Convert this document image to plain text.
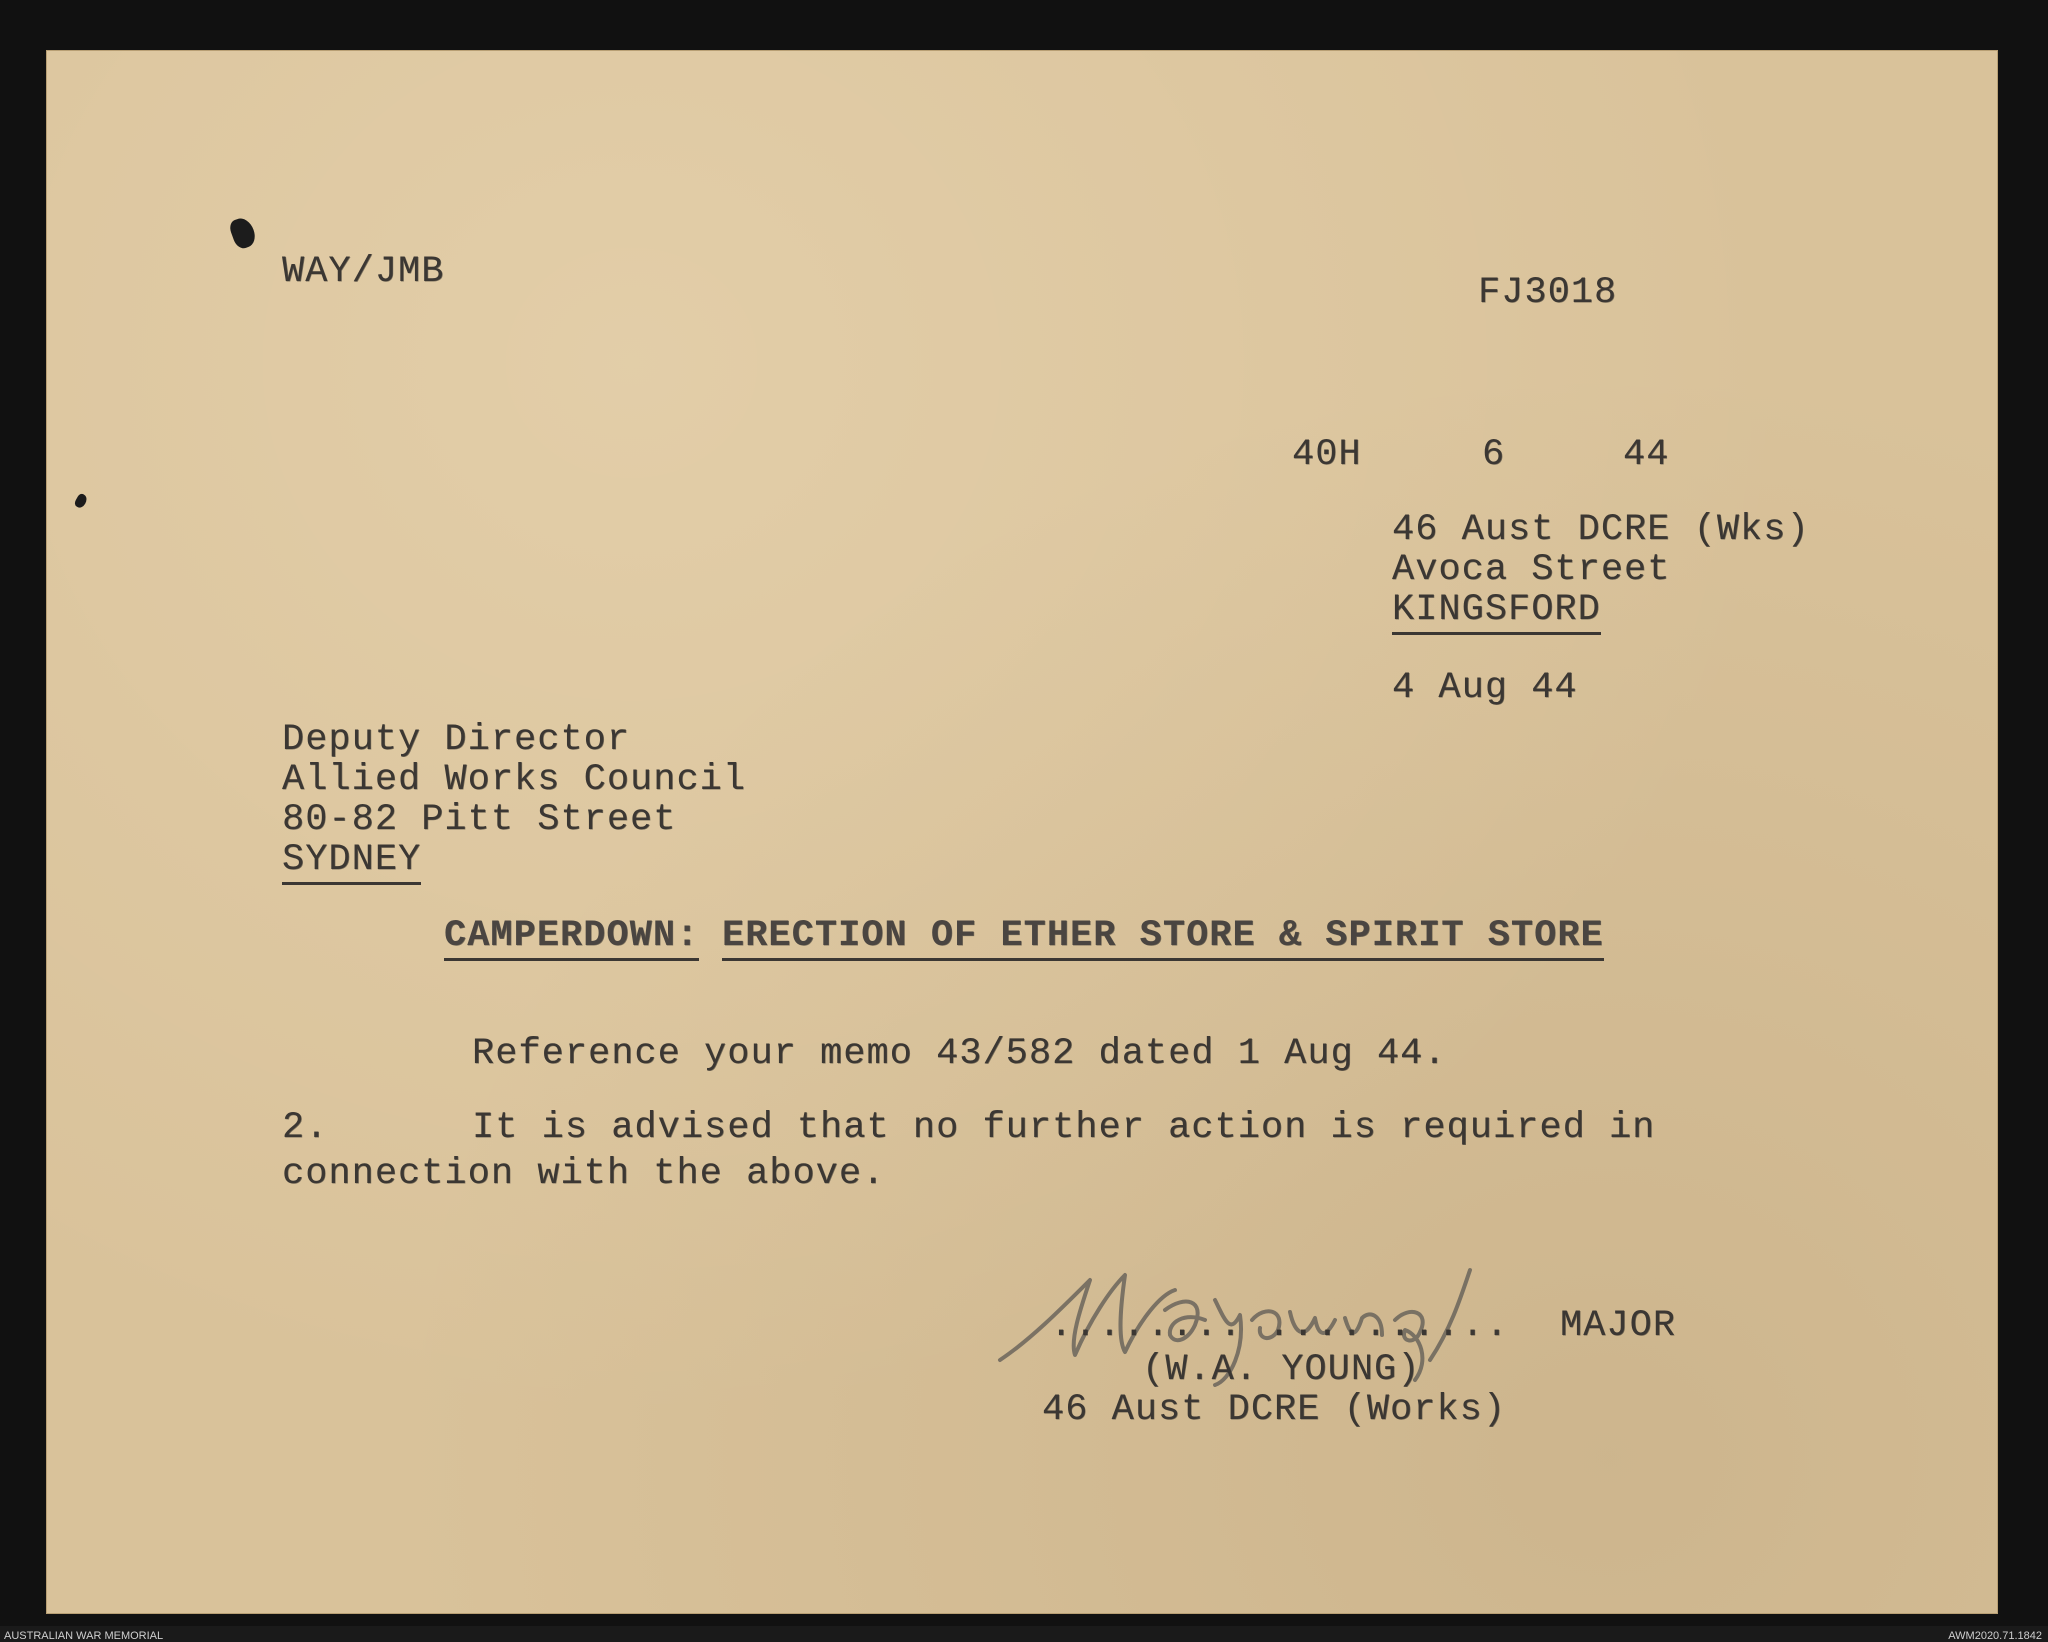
WAY/JMB	FJ3018
40H	6	44
46 Aust DCRE (Wks)
Avoca Street
KINGSFORD
4 Aug 44
Deputy Director
Allied Works Council
80-82 Pitt Street
SYDNEY
CAMPERDOWN: ERECTION OF ETHER STORE & SPIRIT STORE
Reference your memo 43/582 dated 1 Aug 44.
2.	It is advised that no further action is required in
connection with the above.
........ .......... MAJOR
(W.A. YOUNG)
46 Aust DCRE (Works)
AUSTRALIAN WAR MEMORIAL	AWM2020.71.1842
